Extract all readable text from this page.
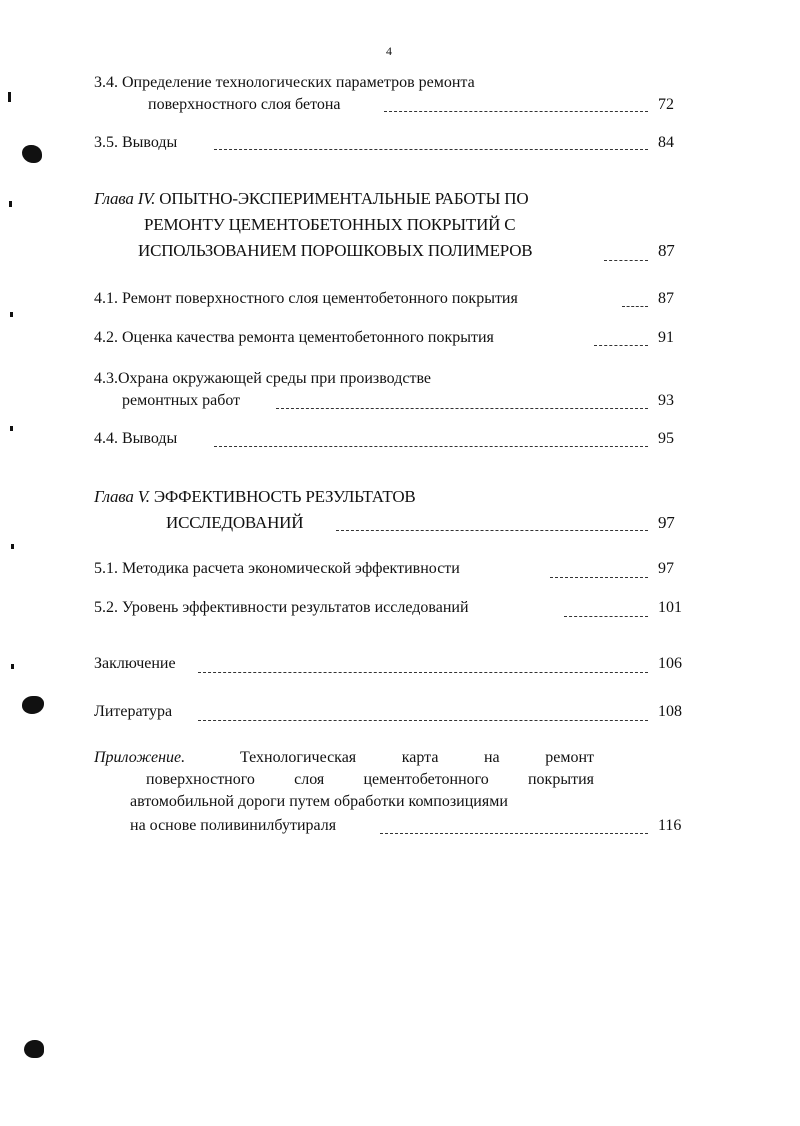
4
3.4. Определение технологических параметров ремонта
поверхностного слоя бетона	72
3.5. Выводы	84
Глава IV. ОПЫТНО-ЭКСПЕРИМЕНТАЛЬНЫЕ РАБОТЫ ПО
РЕМОНТУ ЦЕМЕНТОБЕТОННЫХ ПОКРЫТИЙ С
ИСПОЛЬЗОВАНИЕМ ПОРОШКОВЫХ ПОЛИМЕРОВ	87
4.1. Ремонт поверхностного слоя цементобетонного покрытия	87
4.2. Оценка качества ремонта цементобетонного покрытия	91
4.3.Охрана окружающей среды при производстве
ремонтных работ	93
4.4. Выводы	95
Глава V. ЭФФЕКТИВНОСТЬ РЕЗУЛЬТАТОВ
ИССЛЕДОВАНИЙ	97
5.1. Методика расчета экономической эффективности	97
5.2. Уровень эффективности результатов исследований	101
Заключение	106
Литература	108
Приложение.	Технологическая карта на ремонт
поверхностного слоя цементобетонного покрытия
автомобильной дороги путем обработки композициями
на основе поливинилбутираля	116
